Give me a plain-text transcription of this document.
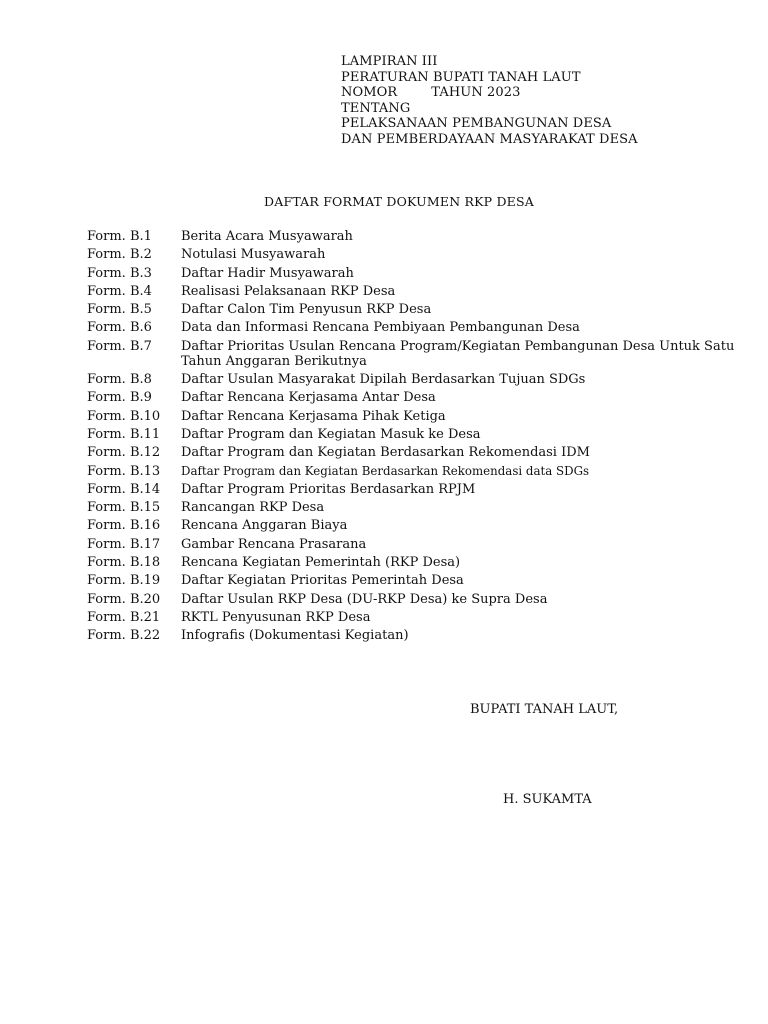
LAMPIRAN III
PERATURAN BUPATI TANAH LAUT
NOMOR	TAHUN 2023
TENTANG
PELAKSANAAN PEMBANGUNAN DESA
DAN PEMBERDAYAAN MASYARAKAT DESA
DAFTAR FORMAT DOKUMEN RKP DESA
Form. B.1	Berita Acara Musyawarah
Form. B.2	Notulasi Musyawarah
Form. B.3	Daftar Hadir Musyawarah
Form. B.4	Realisasi Pelaksanaan RKP Desa
Form. B.5	Daftar Calon Tim Penyusun RKP Desa
Form. B.6	Data dan Informasi Rencana Pembiyaan Pembangunan Desa
Form. B.7	Daftar Prioritas Usulan Rencana Program/Kegiatan Pembangunan Desa Untuk Satu Tahun Anggaran Berikutnya
Form. B.8	Daftar Usulan Masyarakat Dipilah Berdasarkan Tujuan SDGs
Form. B.9	Daftar Rencana Kerjasama Antar Desa
Form. B.10	Daftar Rencana Kerjasama Pihak Ketiga
Form. B.11	Daftar Program dan Kegiatan Masuk ke Desa
Form. B.12	Daftar Program dan Kegiatan Berdasarkan Rekomendasi IDM
Form. B.13	Daftar Program dan Kegiatan Berdasarkan Rekomendasi data SDGs
Form. B.14	Daftar Program Prioritas Berdasarkan RPJM
Form. B.15	Rancangan RKP Desa
Form. B.16	Rencana Anggaran Biaya
Form. B.17	Gambar Rencana Prasarana
Form. B.18	Rencana Kegiatan Pemerintah (RKP Desa)
Form. B.19	Daftar Kegiatan Prioritas Pemerintah Desa
Form. B.20	Daftar Usulan RKP Desa (DU-RKP Desa) ke Supra Desa
Form. B.21	RKTL Penyusunan RKP Desa
Form. B.22	Infografis (Dokumentasi Kegiatan)
BUPATI TANAH LAUT,
H. SUKAMTA
